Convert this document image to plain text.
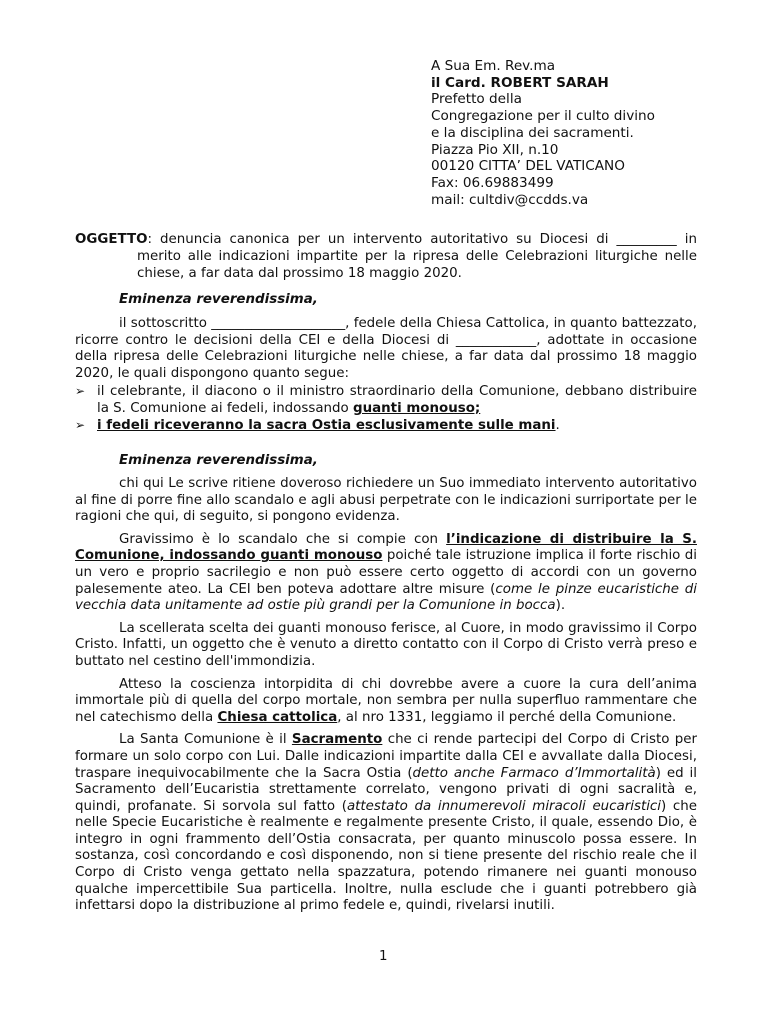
A Sua Em. Rev.ma
il Card. ROBERT SARAH
Prefetto della
Congregazione per il culto divino
e la disciplina dei sacramenti.
Piazza Pio XII, n.10
00120 CITTA’ DEL VATICANO
Fax: 06.69883499
mail: cultdiv@ccdds.va
OGGETTO: denuncia canonica per un intervento autoritativo su Diocesi di _________ in
merito alle indicazioni impartite per la ripresa delle Celebrazioni liturgiche nelle chiese, a far data dal prossimo 18 maggio 2020.
Eminenza reverendissima,

il sottoscritto ____________________, fedele della Chiesa Cattolica, in quanto battezzato, ricorre contro le decisioni della CEI e della Diocesi di ____________, adottate in occasione della ripresa delle Celebrazioni liturgiche nelle chiese, a far data dal prossimo 18 maggio 2020, le quali dispongono quanto segue:

➢ il celebrante, il diacono o il ministro straordinario della Comunione, debbano distribuire la S. Comunione ai fedeli, indossando guanti monouso;
➢ i fedeli riceveranno la sacra Ostia esclusivamente sulle mani.
Eminenza reverendissima,

chi qui Le scrive ritiene doveroso richiedere un Suo immediato intervento autoritativo al fine di porre fine allo scandalo e agli abusi perpetrate con le indicazioni surriportate per le ragioni che qui, di seguito, si pongono evidenza.

Gravissimo è lo scandalo che si compie con l’indicazione di distribuire la S. Comunione, indossando guanti monouso poiché tale istruzione implica il forte rischio di un vero e proprio sacrilegio e non può essere certo oggetto di accordi con un governo palesemente ateo. La CEI ben poteva adottare altre misure (come le pinze eucaristiche di vecchia data unitamente ad ostie più grandi per la Comunione in bocca).

La scellerata scelta dei guanti monouso ferisce, al Cuore, in modo gravissimo il Corpo Cristo. Infatti, un oggetto che è venuto a diretto contatto con il Corpo di Cristo verrà preso e buttato nel cestino dell'immondizia.

Atteso la coscienza intorpidita di chi dovrebbe avere a cuore la cura dell’anima immortale più di quella del corpo mortale, non sembra per nulla superfluo rammentare che nel catechismo della Chiesa cattolica, al nro 1331, leggiamo il perché della Comunione.

La Santa Comunione è il Sacramento che ci rende partecipi del Corpo di Cristo per formare un solo corpo con Lui. Dalle indicazioni impartite dalla CEI e avvallate dalla Diocesi, traspare inequivocabilmente che la Sacra Ostia (detto anche Farmaco d’Immortalità) ed il Sacramento dell’Eucaristia strettamente correlato, vengono privati di ogni sacralità e, quindi, profanate. Si sorvola sul fatto (attestato da innumerevoli miracoli eucaristici) che nelle Specie Eucaristiche è realmente e regalmente presente Cristo, il quale, essendo Dio, è integro in ogni frammento dell’Ostia consacrata, per quanto minuscolo possa essere. In sostanza, così concordando e così disponendo, non si tiene presente del rischio reale che il Corpo di Cristo venga gettato nella spazzatura, potendo rimanere nei guanti monouso qualche impercettibile Sua particella. Inoltre, nulla esclude che i guanti potrebbero già infettarsi dopo la distribuzione al primo fedele e, quindi, rivelarsi inutili.

1
